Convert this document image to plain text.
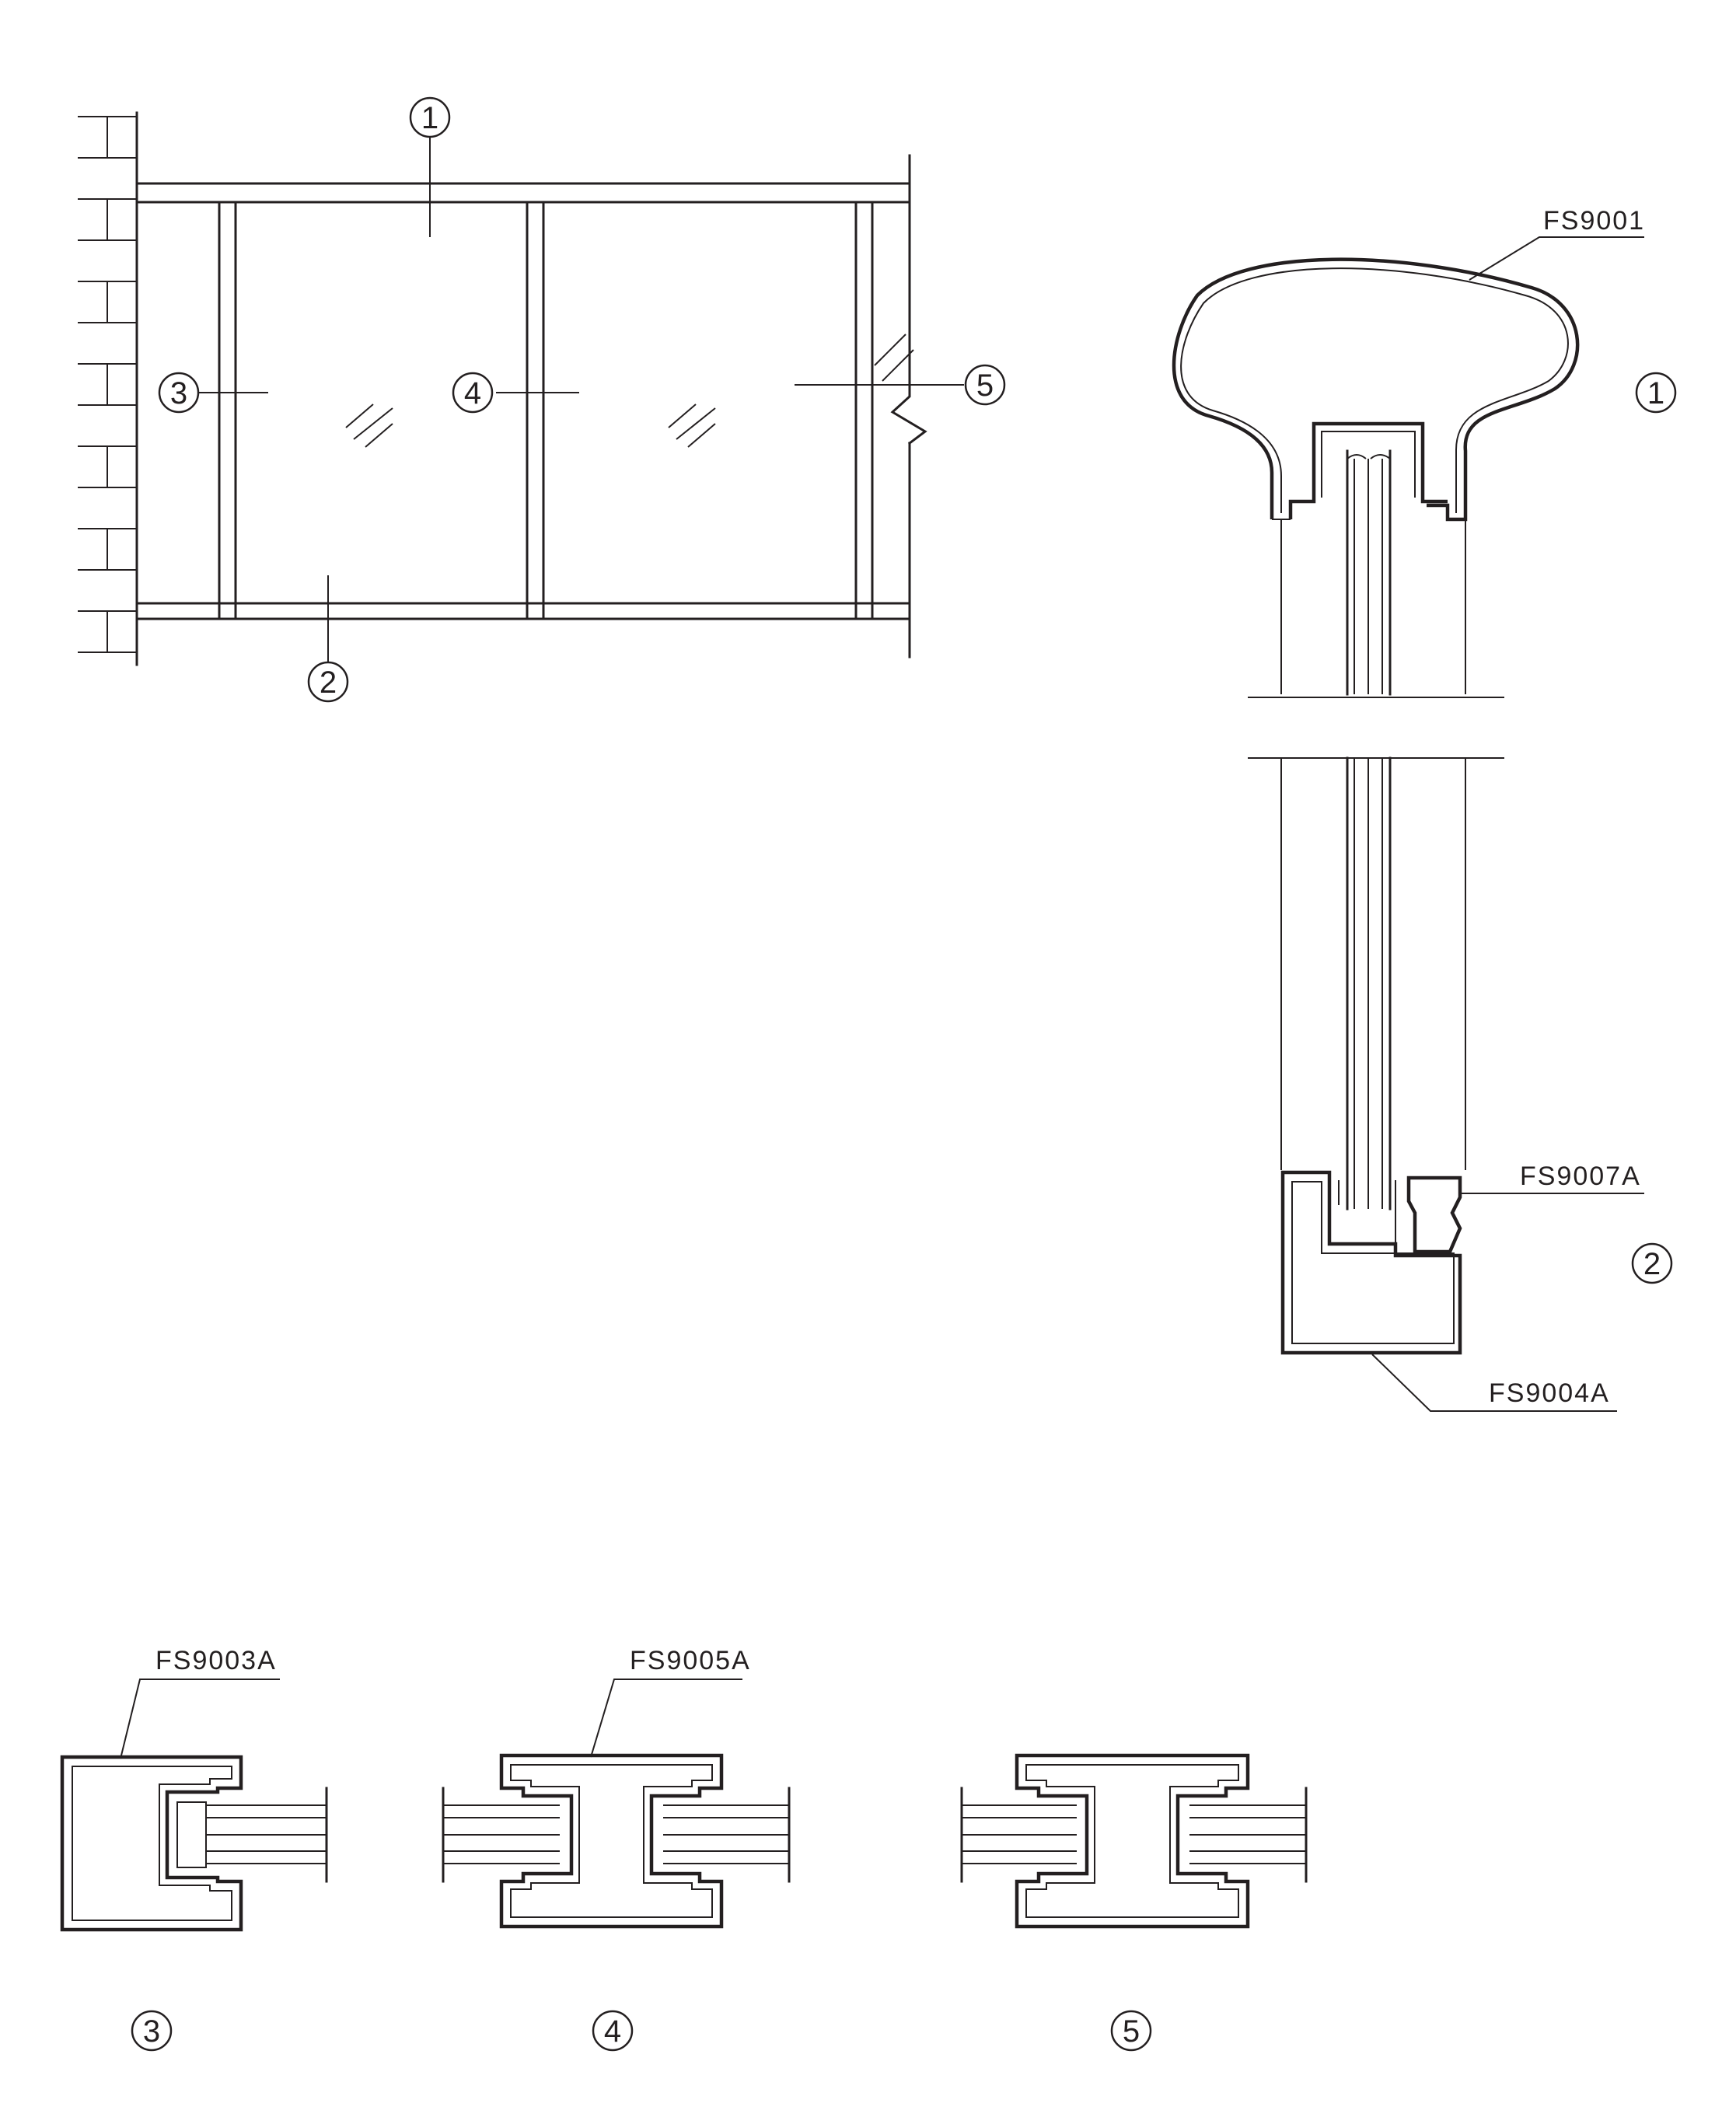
1
2
3	4	5
FS9001
FS9007A
FS9004A
1
2
FS9003A
3
FS9005A
4	5
